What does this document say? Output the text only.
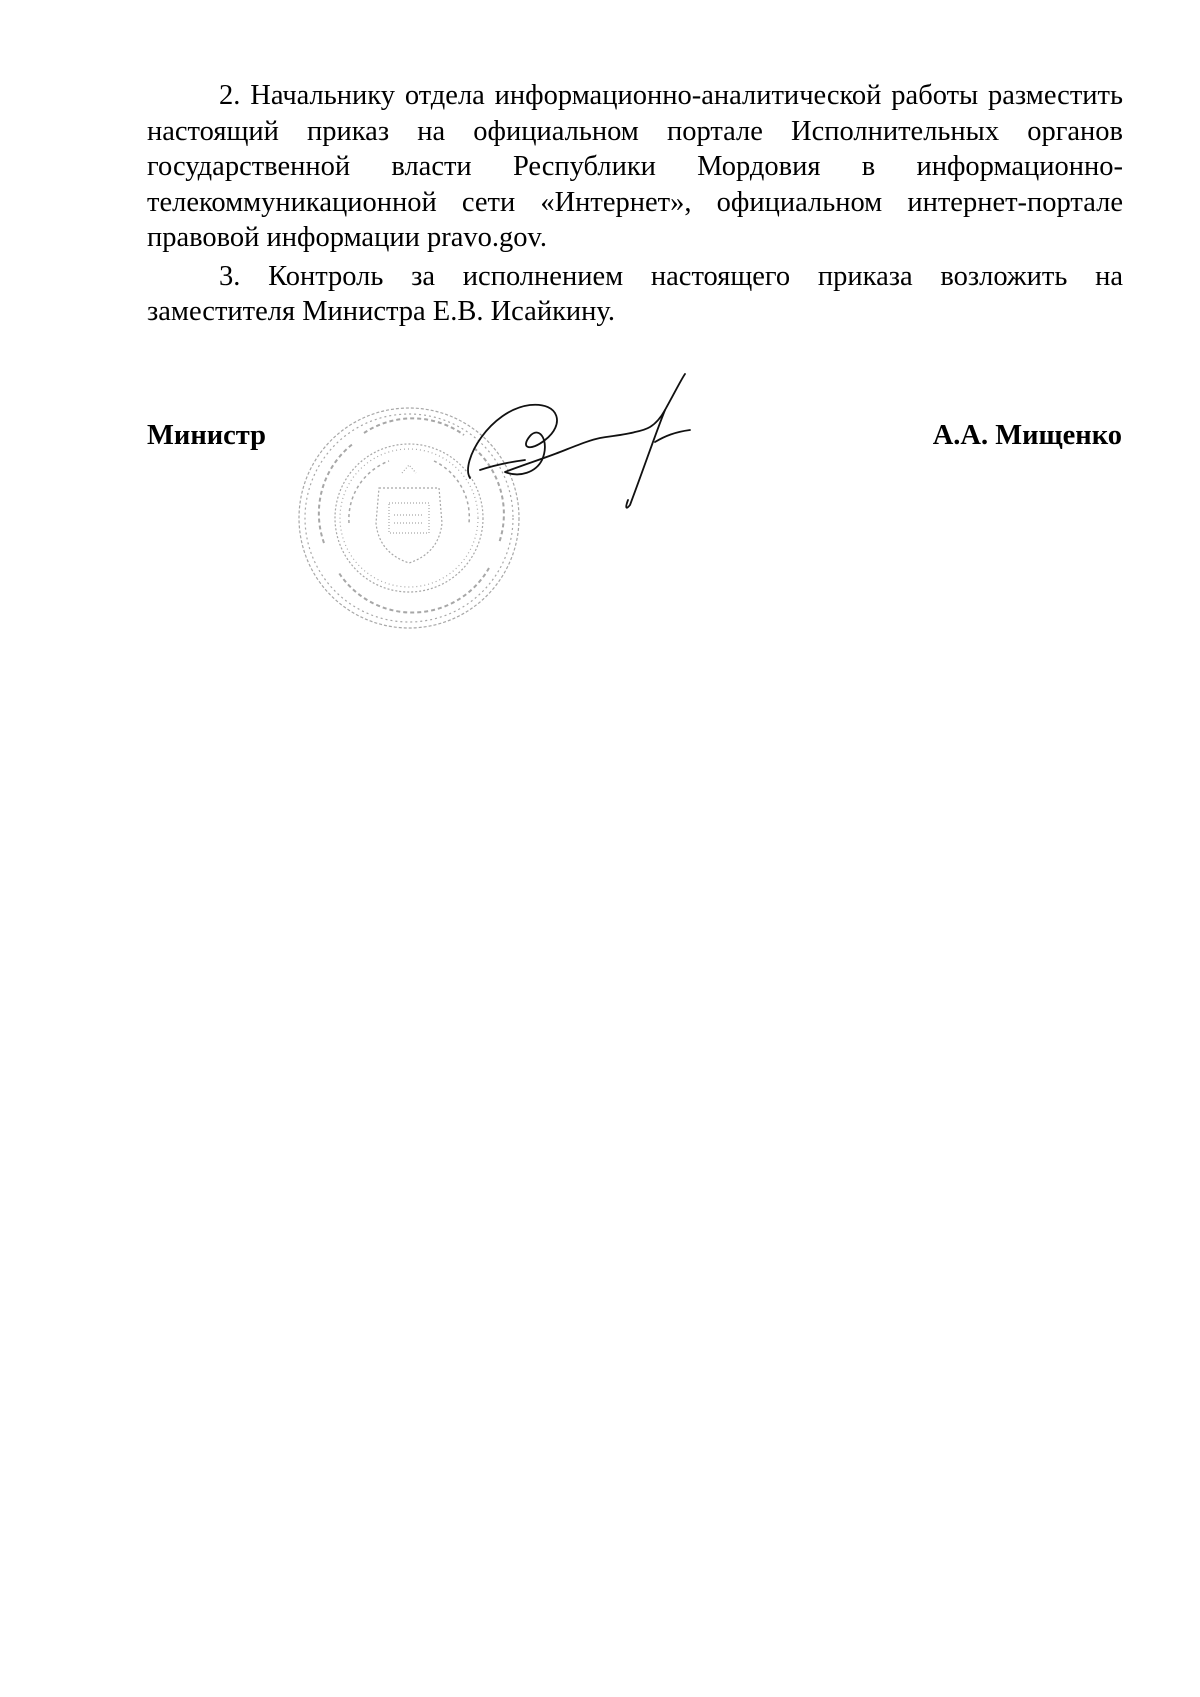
2. Начальнику отдела информационно-аналитической работы разместить настоящий приказ на официальном портале Исполнительных органов государственной власти Республики Мордовия в информационно-телекоммуникационной сети «Интернет», официальном интернет-портале правовой информации pravo.gov.

3. Контроль за исполнением настоящего приказа возложить на заместителя Министра Е.В. Исайкину.

Министр	А.А. Мищенко
